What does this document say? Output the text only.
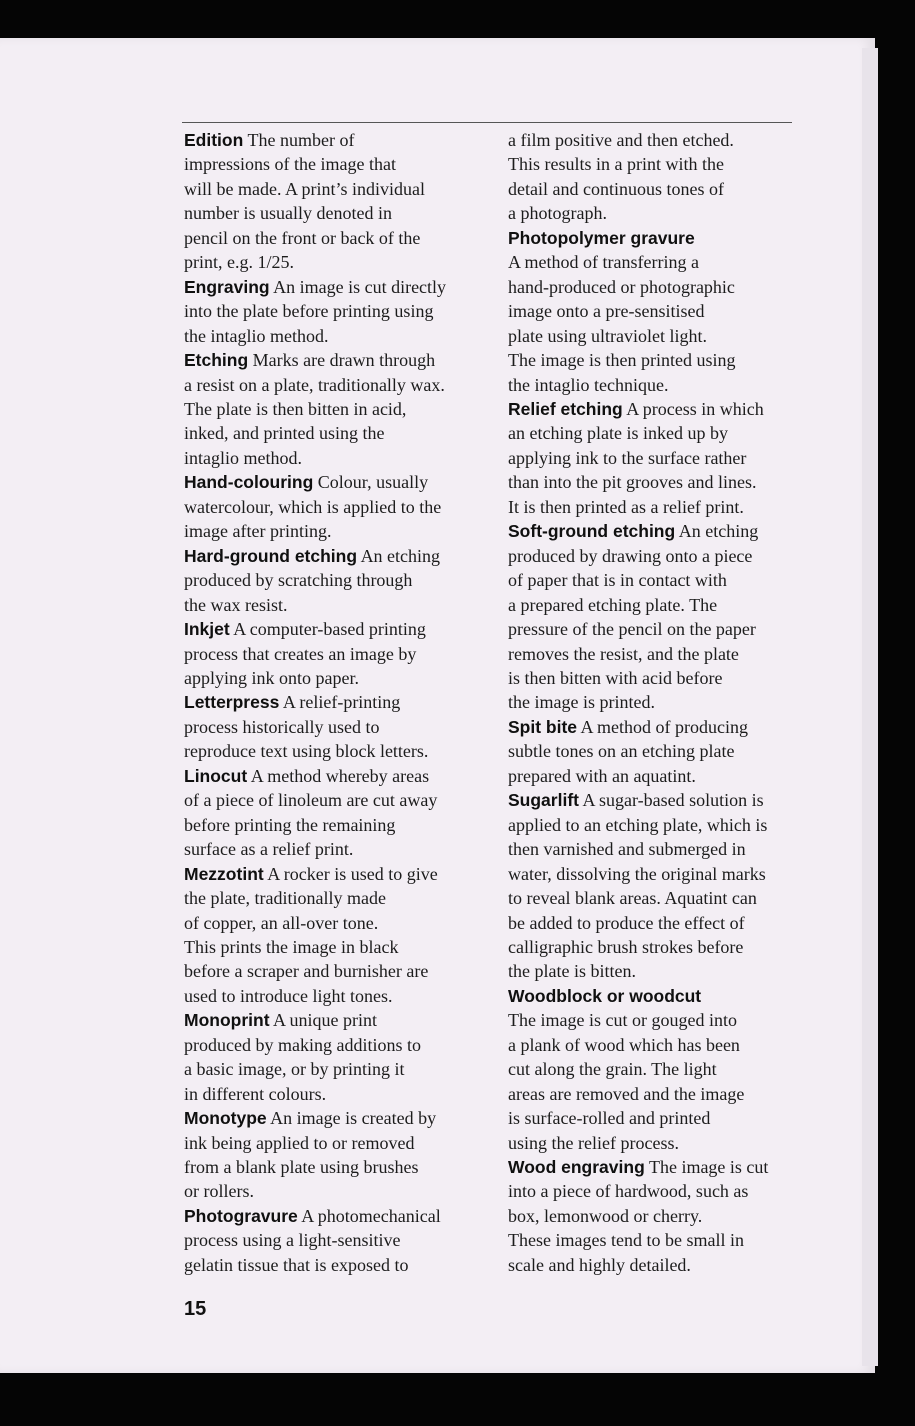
Edition The number of
impressions of the image that
will be made. A print’s individual
number is usually denoted in
pencil on the front or back of the
print, e.g. 1/25.
Engraving An image is cut directly
into the plate before printing using
the intaglio method.
Etching Marks are drawn through
a resist on a plate, traditionally wax.
The plate is then bitten in acid,
inked, and printed using the
intaglio method.
Hand-colouring Colour, usually
watercolour, which is applied to the
image after printing.
Hard-ground etching An etching
produced by scratching through
the wax resist.
Inkjet A computer-based printing
process that creates an image by
applying ink onto paper.
Letterpress A relief-printing
process historically used to
reproduce text using block letters.
Linocut A method whereby areas
of a piece of linoleum are cut away
before printing the remaining
surface as a relief print.
Mezzotint A rocker is used to give
the plate, traditionally made
of copper, an all-over tone.
This prints the image in black
before a scraper and burnisher are
used to introduce light tones.
Monoprint A unique print
produced by making additions to
a basic image, or by printing it
in different colours.
Monotype An image is created by
ink being applied to or removed
from a blank plate using brushes
or rollers.
Photogravure A photomechanical
process using a light-sensitive
gelatin tissue that is exposed to
a film positive and then etched.
This results in a print with the
detail and continuous tones of
a photograph.
Photopolymer gravure
A method of transferring a
hand-produced or photographic
image onto a pre-sensitised
plate using ultraviolet light.
The image is then printed using
the intaglio technique.
Relief etching A process in which
an etching plate is inked up by
applying ink to the surface rather
than into the pit grooves and lines.
It is then printed as a relief print.
Soft-ground etching An etching
produced by drawing onto a piece
of paper that is in contact with
a prepared etching plate. The
pressure of the pencil on the paper
removes the resist, and the plate
is then bitten with acid before
the image is printed.
Spit bite A method of producing
subtle tones on an etching plate
prepared with an aquatint.
Sugarlift A sugar-based solution is
applied to an etching plate, which is
then varnished and submerged in
water, dissolving the original marks
to reveal blank areas. Aquatint can
be added to produce the effect of
calligraphic brush strokes before
the plate is bitten.
Woodblock or woodcut
The image is cut or gouged into
a plank of wood which has been
cut along the grain. The light
areas are removed and the image
is surface-rolled and printed
using the relief process.
Wood engraving The image is cut
into a piece of hardwood, such as
box, lemonwood or cherry.
These images tend to be small in
scale and highly detailed.
15
